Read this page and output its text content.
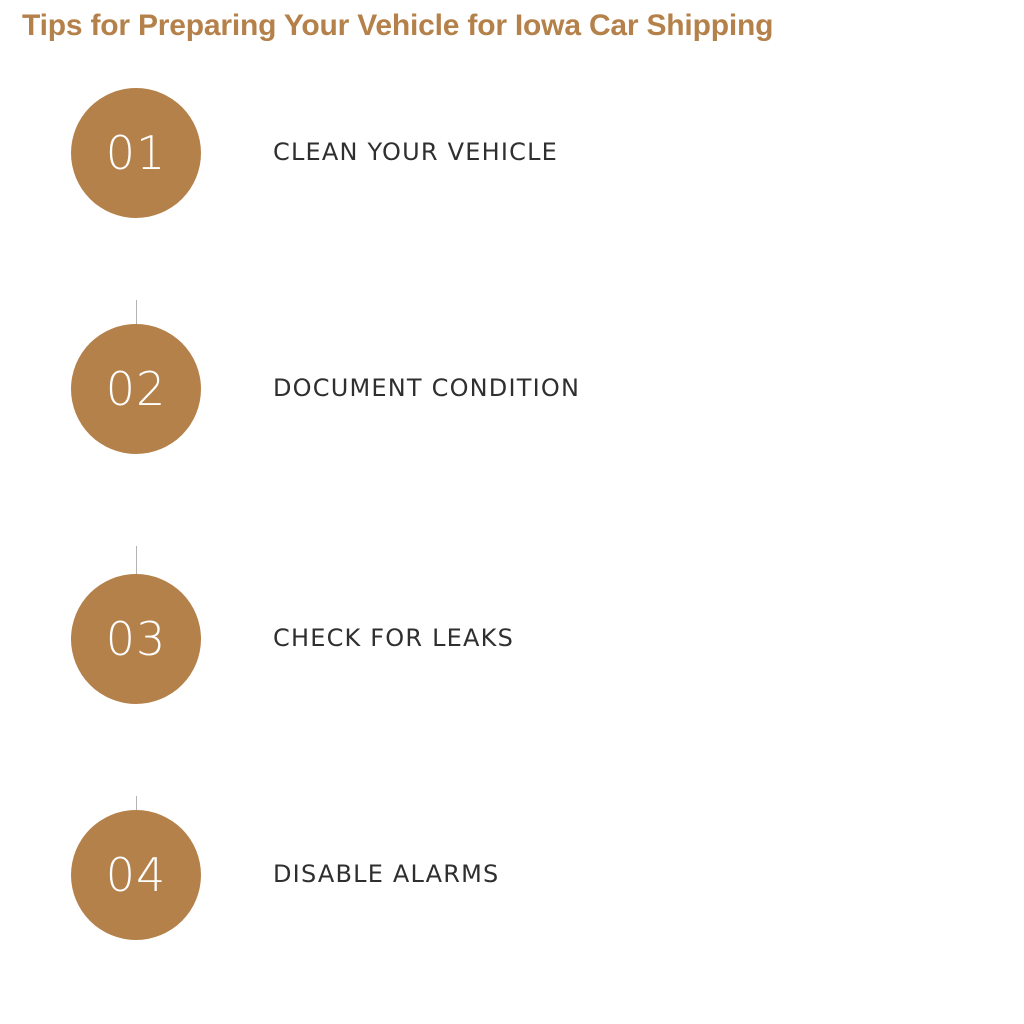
Tips for Preparing Your Vehicle for Iowa Car Shipping
01	CLEAN YOUR VEHICLE
02	DOCUMENT CONDITION
03	CHECK FOR LEAKS
04	DISABLE ALARMS
